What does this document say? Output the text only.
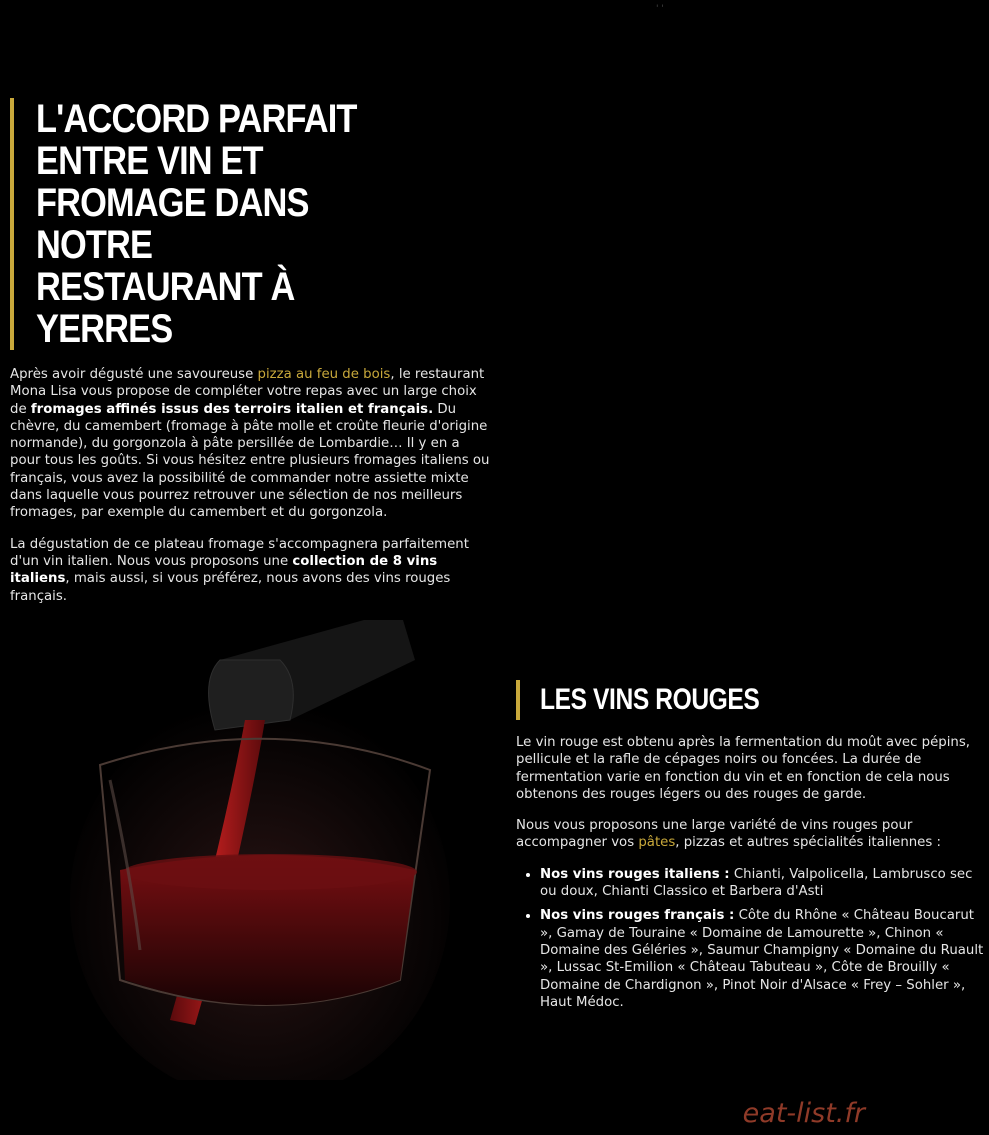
' '
L'ACCORD PARFAIT ENTRE VIN ET
FROMAGE DANS NOTRE
RESTAURANT À YERRES

Après avoir dégusté une savoureuse pizza au feu de bois, le restaurant Mona Lisa vous propose de compléter votre repas avec un large choix de fromages affinés issus des terroirs italien et français. Du chèvre, du camembert (fromage à pâte molle et croûte fleurie d'origine normande), du gorgonzola à pâte persillée de Lombardie… Il y en a pour tous les goûts. Si vous hésitez entre plusieurs fromages italiens ou français, vous avez la possibilité de commander notre assiette mixte dans laquelle vous pourrez retrouver une sélection de nos meilleurs fromages, par exemple du camembert et du gorgonzola.

La dégustation de ce plateau fromage s'accompagnera parfaitement d'un vin italien. Nous vous proposons une collection de 8 vins italiens, mais aussi, si vous préférez, nous avons des vins rouges français.

LES VINS ROUGES

Le vin rouge est obtenu après la fermentation du moût avec pépins, pellicule et la rafle de cépages noirs ou foncées. La durée de fermentation varie en fonction du vin et en fonction de cela nous obtenons des rouges légers ou des rouges de garde.

Nous vous proposons une large variété de vins rouges pour accompagner vos pâtes, pizzas et autres spécialités italiennes :

• Nos vins rouges italiens : Chianti, Valpolicella, Lambrusco sec ou doux, Chianti Classico et Barbera d'Asti
• Nos vins rouges français : Côte du Rhône « Château Boucarut », Gamay de Touraine « Domaine de Lamourette », Chinon « Domaine des Géléries », Saumur Champigny « Domaine du Ruault », Lussac St-Emilion « Château Tabuteau », Côte de Brouilly « Domaine de Chardignon », Pinot Noir d'Alsace « Frey – Sohler », Haut Médoc.
eat-list.fr
